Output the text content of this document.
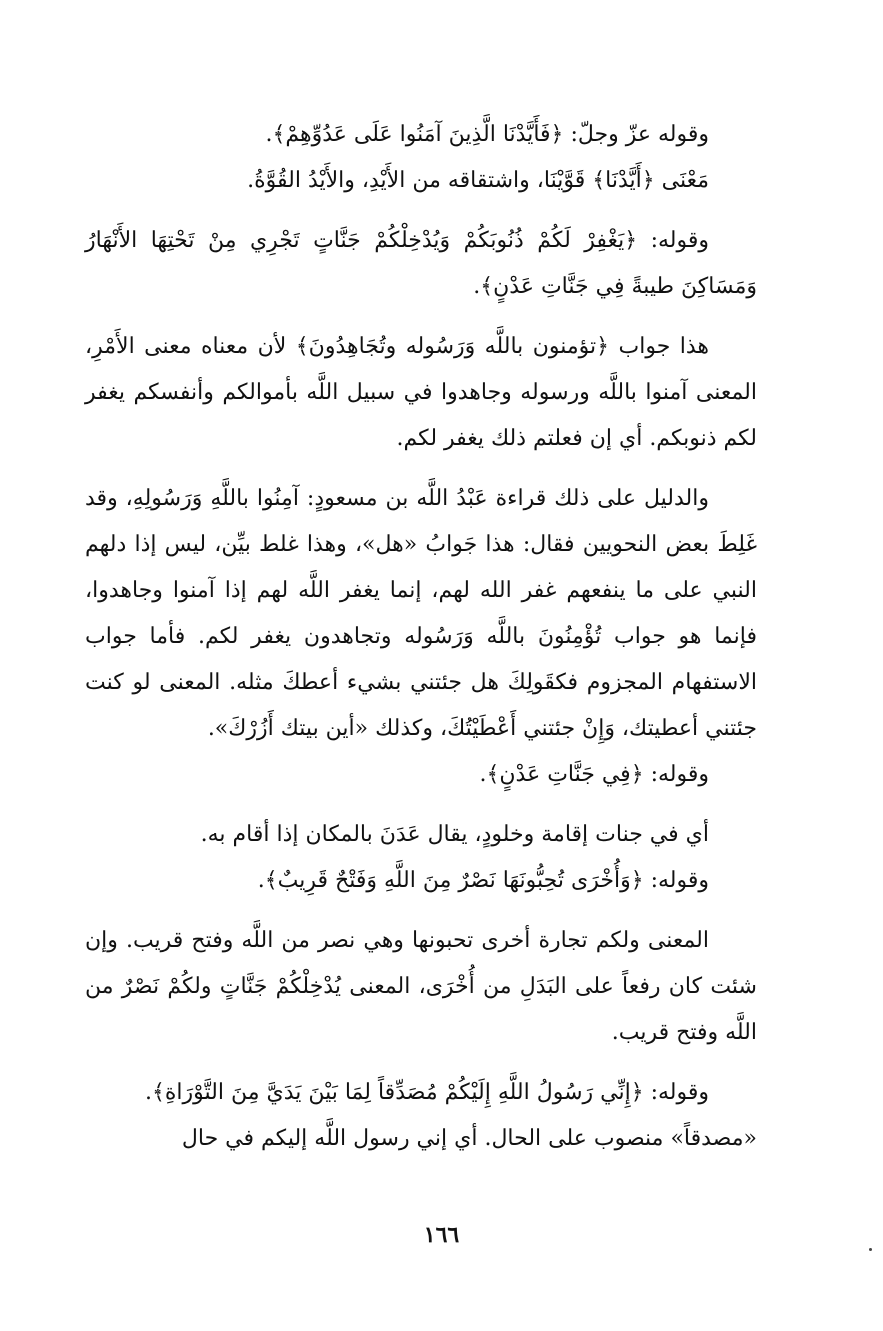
وقوله عزّ وجلّ: ﴿فَأَيَّدْنَا الَّذِينَ آمَنُوا عَلَى عَدُوِّهِمْ﴾.

مَعْنَى ﴿أَيَّدْنَا﴾ قَوَّيْنَا، واشتقاقه من الأَيْدِ، والأَيْدُ القُوَّةُ.

وقوله: ﴿يَغْفِرْ لَكُمْ ذُنُوبَكُمْ وَيُدْخِلْكُمْ جَنَّاتٍ تَجْرِي مِنْ تَحْتِهَا الأَنْهَارُ وَمَسَاكِنَ طيبةً فِي جَنَّاتِ عَدْنٍ﴾.

هذا جواب ﴿تؤمنون باللَّه وَرَسُوله وتُجَاهِدُونَ﴾ لأن معناه معنى الأَمْرِ، المعنى آمنوا باللَّه ورسوله وجاهدوا في سبيل اللَّه بأموالكم وأنفسكم يغفر لكم ذنوبكم. أي إن فعلتم ذلك يغفر لكم.

والدليل على ذلك قراءة عَبْدُ اللَّه بن مسعودٍ: آمِنُوا باللَّهِ وَرَسُولِهِ، وقد غَلِطَ بعض النحويين فقال: هذا جَوابُ «هل»، وهذا غلط بيِّن، ليس إذا دلهم النبي على ما ينفعهم غفر الله لهم، إنما يغفر اللَّه لهم إذا آمنوا وجاهدوا، فإنما هو جواب تُؤْمِنُونَ باللَّه وَرَسُوله وتجاهدون يغفر لكم. فأما جواب الاستفهام المجزوم فكقَولِكَ هل جئتني بشيء أعطكَ مثله. المعنى لو كنت جئتني أعطيتك، وَإِنْ جئتني أَعْطَيْتُكَ، وكذلك «أين بيتك أَزُرْكَ».

وقوله: ﴿فِي جَنَّاتِ عَدْنٍ﴾.

أي في جنات إقامة وخلودٍ، يقال عَدَنَ بالمكان إذا أقام به.

وقوله: ﴿وَأُخْرَى تُحِبُّونَهَا نَصْرٌ مِنَ اللَّهِ وَفَتْحٌ قَرِيبٌ﴾.

المعنى ولكم تجارة أخرى تحبونها وهي نصر من اللَّه وفتح قريب. وإن شئت كان رفعاً على البَدَلِ من أُخْرَى، المعنى يُدْخِلْكُمْ جَنَّاتٍ ولكُمْ نَصْرٌ من اللَّه وفتح قريب.

وقوله: ﴿إِنِّي رَسُولُ اللَّهِ إِلَيْكُمْ مُصَدِّقاً لِمَا بَيْنَ يَدَيَّ مِنَ التَّوْرَاةِ﴾.

«مصدقاً» منصوب على الحال. أي إني رسول اللَّه إليكم في حال

١٦٦
